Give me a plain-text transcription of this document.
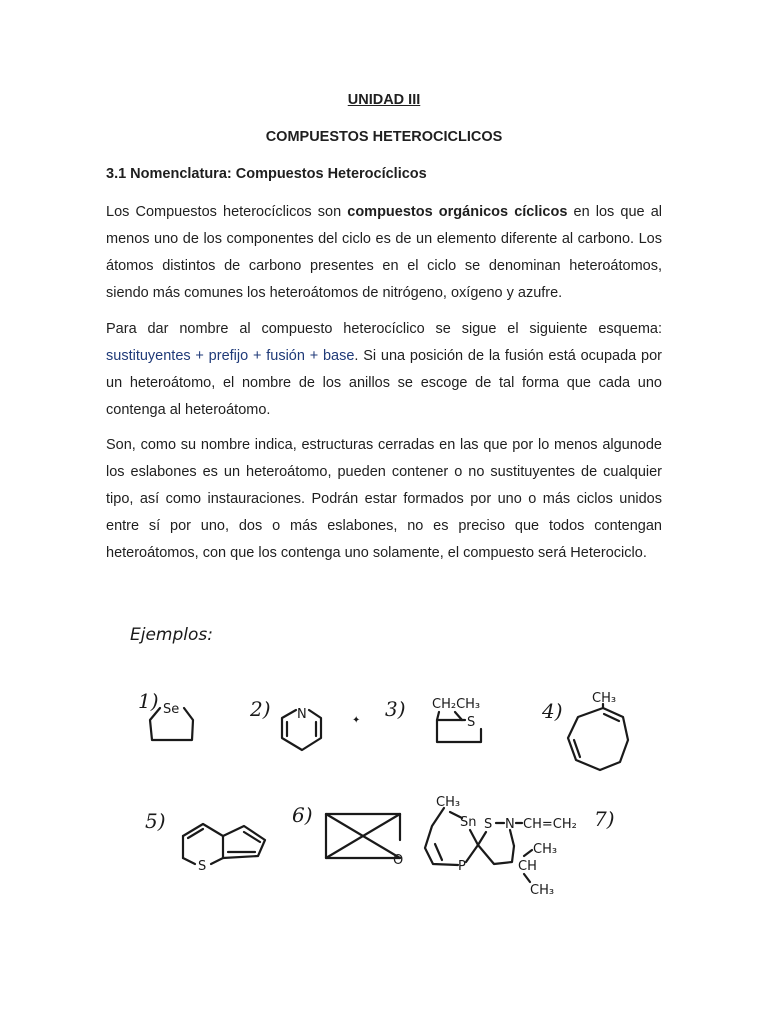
UNIDAD III
COMPUESTOS HETEROCICLICOS
3.1 Nomenclatura: Compuestos Heterocíclicos

Los Compuestos heterocíclicos son compuestos orgánicos cíclicos en los que al menos uno de los componentes del ciclo es de un elemento diferente al carbono. Los átomos distintos de carbono presentes en el ciclo se denominan heteroátomos, siendo más comunes los heteroátomos de nitrógeno, oxígeno y azufre.

Para dar nombre al compuesto heterocíclico se sigue el siguiente esquema: sustituyentes + prefijo + fusión + base. Si una posición de la fusión está ocupada por un heteroátomo, el nombre de los anillos se escoge de tal forma que cada uno contenga al heteroátomo.

Son, como su nombre indica, estructuras cerradas en las que por lo menos algunode los eslabones es un heteroátomo, pueden contener o no sustituyentes de cualquier tipo, así como instauraciones. Podrán estar formados por uno o más ciclos unidos entre sí por uno, dos o más eslabones, no es preciso que todos contengan heteroátomos, con que los contenga uno solamente, el compuesto será Heterociclo.

Ejemplos:
1) Se	2) N	✦ 3) CH₂CH₃
S	4)
CH₃
5)
S
6)
O
CH₃
Sn
P
S N CH=CH₂
CH
CH₃
CH₃
7)
